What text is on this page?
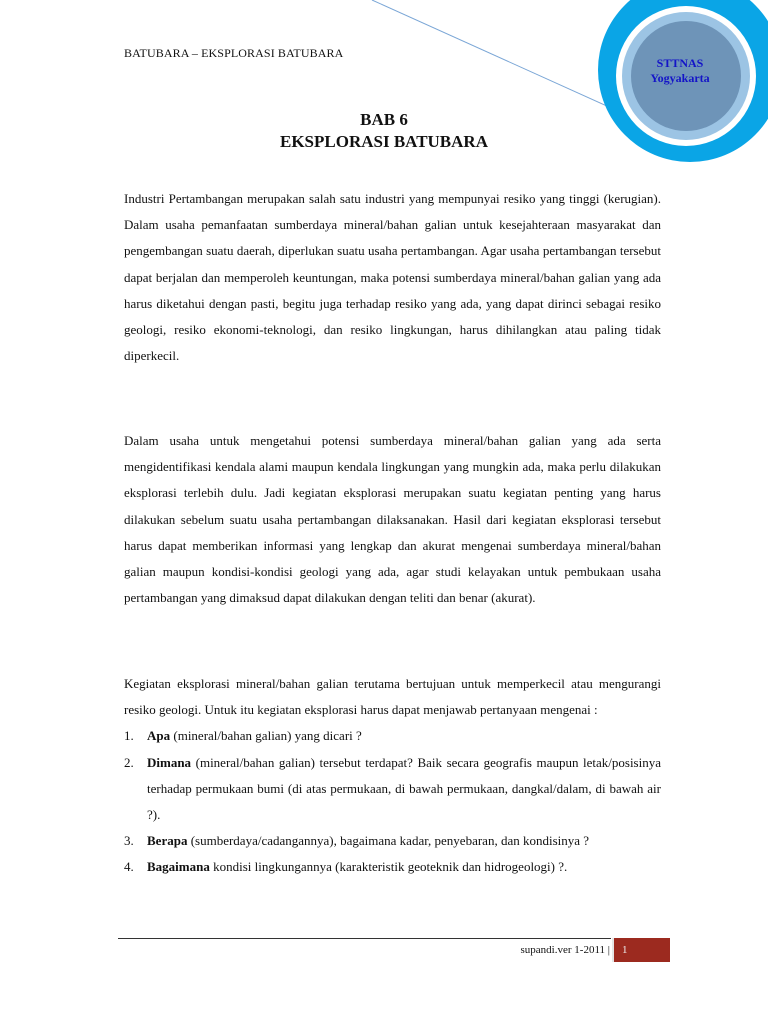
BATUBARA – EKSPLORASI BATUBARA
STTNAS
Yogyakarta
BAB 6
EKSPLORASI BATUBARA

Industri Pertambangan merupakan salah satu industri yang mempunyai resiko yang tinggi (kerugian). Dalam usaha pemanfaatan sumberdaya mineral/bahan galian untuk kesejahteraan masyarakat dan pengembangan suatu daerah, diperlukan suatu usaha pertambangan. Agar usaha pertambangan tersebut dapat berjalan dan memperoleh keuntungan, maka potensi sumberdaya mineral/bahan galian yang ada harus diketahui dengan pasti, begitu juga terhadap resiko yang ada, yang dapat dirinci sebagai resiko geologi, resiko ekonomi-teknologi, dan resiko lingkungan, harus dihilangkan atau paling tidak diperkecil.

Dalam usaha untuk mengetahui potensi sumberdaya mineral/bahan galian yang ada serta mengidentifikasi kendala alami maupun kendala lingkungan yang mungkin ada, maka perlu dilakukan eksplorasi terlebih dulu. Jadi kegiatan eksplorasi merupakan suatu kegiatan penting yang harus dilakukan sebelum suatu usaha pertambangan dilaksanakan. Hasil dari kegiatan eksplorasi tersebut harus dapat memberikan informasi yang lengkap dan akurat mengenai sumberdaya mineral/bahan galian maupun kondisi-kondisi geologi yang ada, agar studi kelayakan untuk pembukaan usaha pertambangan yang dimaksud dapat dilakukan dengan teliti dan benar (akurat).

Kegiatan eksplorasi mineral/bahan galian terutama bertujuan untuk memperkecil atau mengurangi resiko geologi. Untuk itu kegiatan eksplorasi harus dapat menjawab pertanyaan mengenai :

1. Apa (mineral/bahan galian) yang dicari ?
2. Dimana (mineral/bahan galian) tersebut terdapat? Baik secara geografis maupun letak/posisinya terhadap permukaan bumi (di atas permukaan, di bawah permukaan, dangkal/dalam, di bawah air ?).
3. Berapa (sumberdaya/cadangannya), bagaimana kadar, penyebaran, dan kondisinya ?
4. Bagaimana kondisi lingkungannya (karakteristik geoteknik dan hidrogeologi) ?.
supandi.ver 1-2011 | 1
